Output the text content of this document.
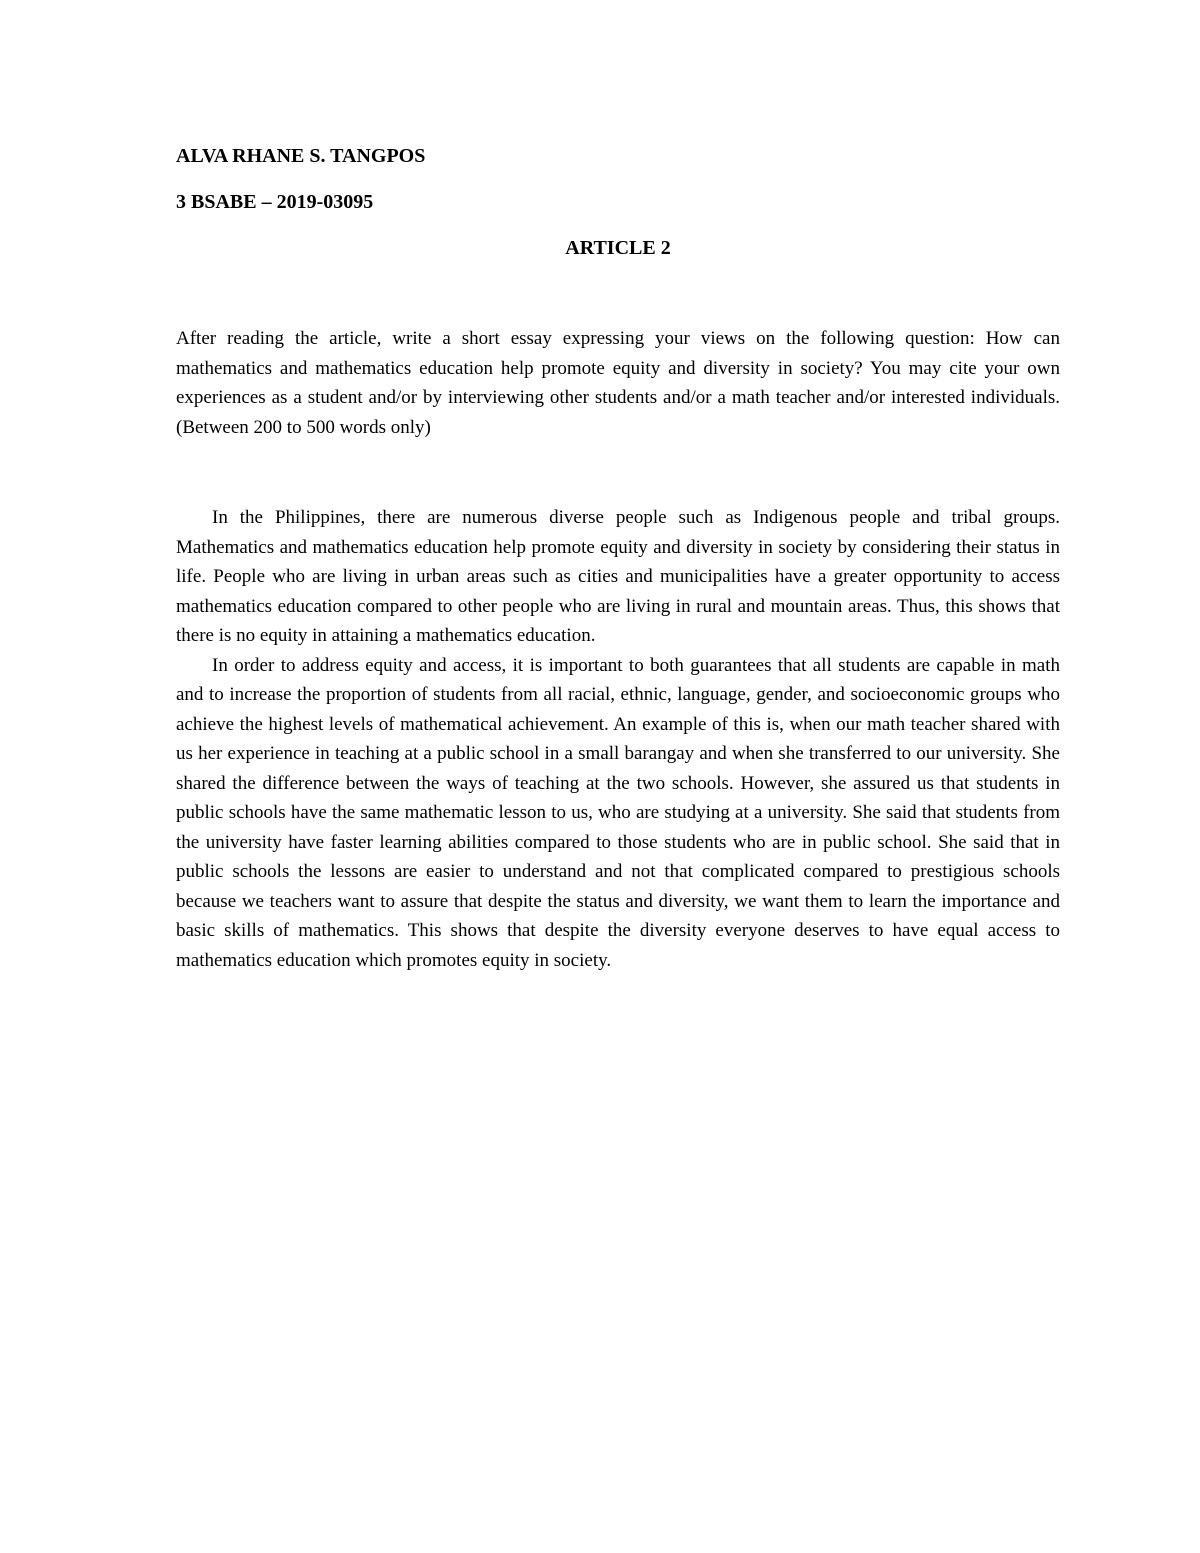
ALVA RHANE S. TANGPOS

3 BSABE – 2019-03095

ARTICLE 2

After reading the article, write a short essay expressing your views on the following question: How can mathematics and mathematics education help promote equity and diversity in society? You may cite your own experiences as a student and/or by interviewing other students and/or a math teacher and/or interested individuals. (Between 200 to 500 words only)

In the Philippines, there are numerous diverse people such as Indigenous people and tribal groups. Mathematics and mathematics education help promote equity and diversity in society by considering their status in life. People who are living in urban areas such as cities and municipalities have a greater opportunity to access mathematics education compared to other people who are living in rural and mountain areas. Thus, this shows that there is no equity in attaining a mathematics education.

In order to address equity and access, it is important to both guarantees that all students are capable in math and to increase the proportion of students from all racial, ethnic, language, gender, and socioeconomic groups who achieve the highest levels of mathematical achievement. An example of this is, when our math teacher shared with us her experience in teaching at a public school in a small barangay and when she transferred to our university. She shared the difference between the ways of teaching at the two schools. However, she assured us that students in public schools have the same mathematic lesson to us, who are studying at a university. She said that students from the university have faster learning abilities compared to those students who are in public school. She said that in public schools the lessons are easier to understand and not that complicated compared to prestigious schools because we teachers want to assure that despite the status and diversity, we want them to learn the importance and basic skills of mathematics. This shows that despite the diversity everyone deserves to have equal access to mathematics education which promotes equity in society.
